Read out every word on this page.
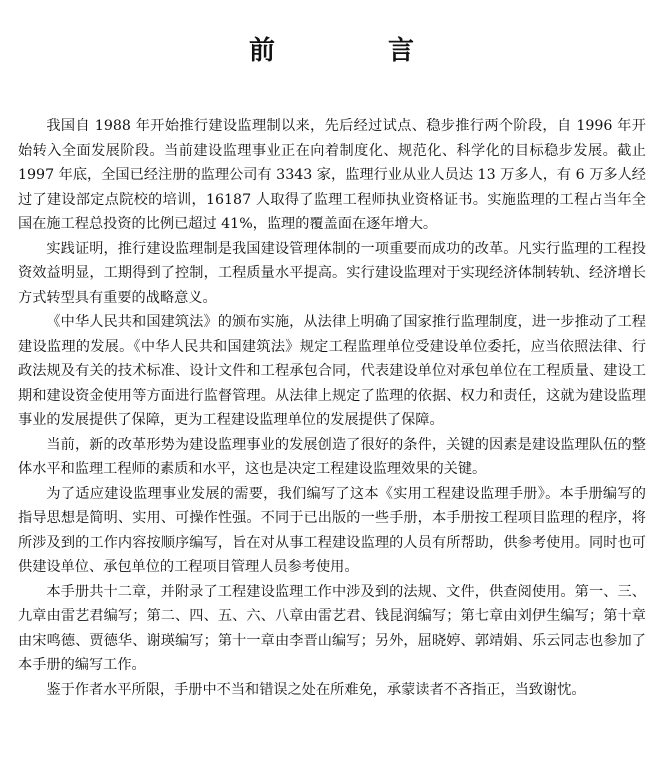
前 言

我国自 1988 年开始推行建设监理制以来，先后经过试点、稳步推行两个阶段，自 1996 年开始转入全面发展阶段。当前建设监理事业正在向着制度化、规范化、科学化的目标稳步发展。截止 1997 年底，全国已经注册的监理公司有 3343 家，监理行业从业人员达 13 万多人，有 6 万多人经过了建设部定点院校的培训，16187 人取得了监理工程师执业资格证书。实施监理的工程占当年全国在施工程总投资的比例已超过 41%，监理的覆盖面在逐年增大。

实践证明，推行建设监理制是我国建设管理体制的一项重要而成功的改革。凡实行监理的工程投资效益明显，工期得到了控制，工程质量水平提高。实行建设监理对于实现经济体制转轨、经济增长方式转型具有重要的战略意义。

《中华人民共和国建筑法》的颁布实施，从法律上明确了国家推行监理制度，进一步推动了工程建设监理的发展。《中华人民共和国建筑法》规定工程监理单位受建设单位委托，应当依照法律、行政法规及有关的技术标准、设计文件和工程承包合同，代表建设单位对承包单位在工程质量、建设工期和建设资金使用等方面进行监督管理。从法律上规定了监理的依据、权力和责任，这就为建设监理事业的发展提供了保障，更为工程建设监理单位的发展提供了保障。

当前，新的改革形势为建设监理事业的发展创造了很好的条件，关键的因素是建设监理队伍的整体水平和监理工程师的素质和水平，这也是决定工程建设监理效果的关键。

为了适应建设监理事业发展的需要，我们编写了这本《实用工程建设监理手册》。本手册编写的指导思想是简明、实用、可操作性强。不同于已出版的一些手册，本手册按工程项目监理的程序，将所涉及到的工作内容按顺序编写，旨在对从事工程建设监理的人员有所帮助，供参考使用。同时也可供建设单位、承包单位的工程项目管理人员参考使用。

本手册共十二章，并附录了工程建设监理工作中涉及到的法规、文件，供查阅使用。第一、三、九章由雷艺君编写；第二、四、五、六、八章由雷艺君、钱昆润编写；第七章由刘伊生编写；第十章由宋鸣德、贾德华、谢瑛编写；第十一章由李晋山编写；另外，屈晓婷、郭靖娟、乐云同志也参加了本手册的编写工作。

鉴于作者水平所限，手册中不当和错误之处在所难免，承蒙读者不吝指正，当致谢忱。
